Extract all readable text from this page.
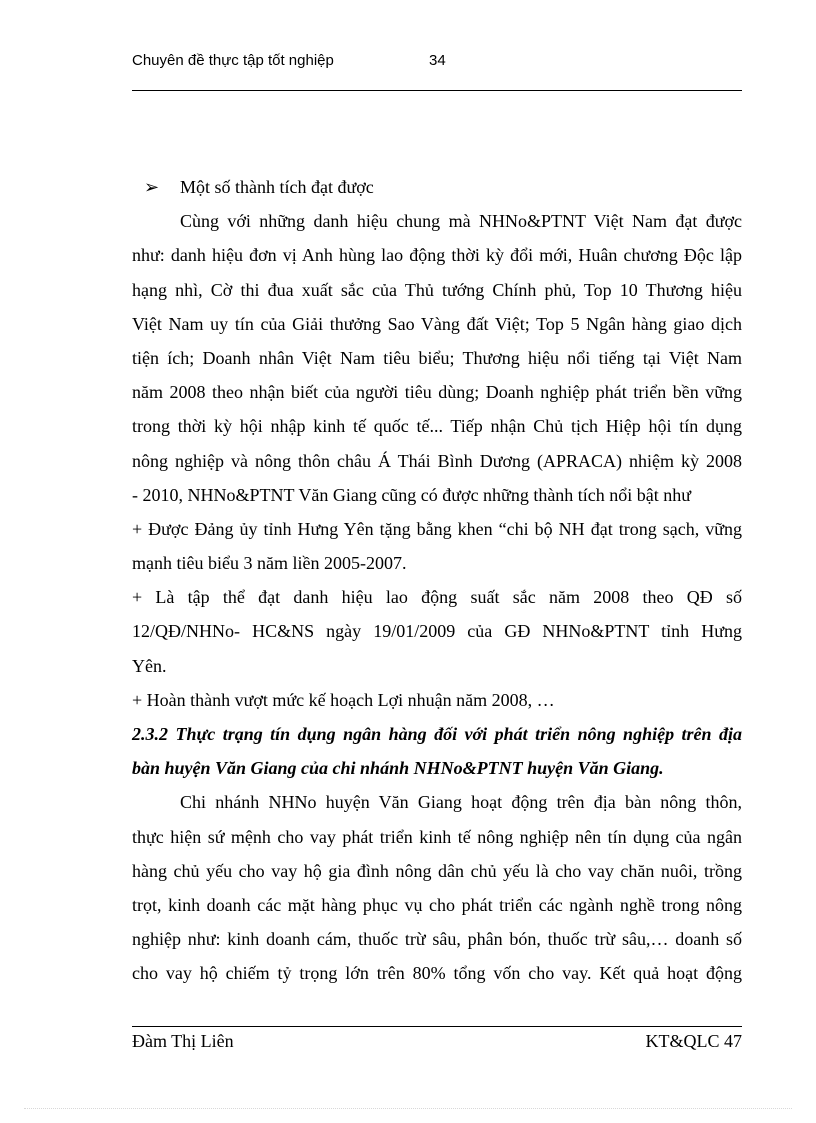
Chuyên đề thực tập tốt nghiệp	34
➢ Một số thành tích đạt được
Cùng với những danh hiệu chung mà NHNo&PTNT Việt Nam đạt được
như: danh hiệu đơn vị Anh hùng lao động thời kỳ đổi mới, Huân chương Độc lập
hạng nhì, Cờ thi đua xuất sắc của Thủ tướng Chính phủ, Top 10 Thương hiệu
Việt Nam uy tín của Giải thưởng Sao Vàng đất Việt; Top 5 Ngân hàng giao dịch
tiện ích; Doanh nhân Việt Nam tiêu biểu; Thương hiệu nổi tiếng tại Việt Nam
năm 2008 theo nhận biết của người tiêu dùng; Doanh nghiệp phát triển bền vững
trong thời kỳ hội nhập kinh tế quốc tế... Tiếp nhận Chủ tịch Hiệp hội tín dụng
nông nghiệp và nông thôn châu Á Thái Bình Dương (APRACA) nhiệm kỳ 2008
- 2010, NHNo&PTNT Văn Giang cũng có được những thành tích nổi bật như
+ Được Đảng ủy tỉnh Hưng Yên tặng bằng khen “chi bộ NH đạt trong sạch, vững
mạnh tiêu biểu 3 năm liền 2005-2007.
+ Là tập thể đạt danh hiệu lao động suất sắc năm 2008 theo QĐ số
12/QĐ/NHNo- HC&NS ngày 19/01/2009 của GĐ NHNo&PTNT tỉnh Hưng
Yên.
+ Hoàn thành vượt mức kế hoạch Lợi nhuận năm 2008, …
2.3.2 Thực trạng tín dụng ngân hàng đối với phát triển nông nghiệp trên địa
bàn huyện Văn Giang của chi nhánh NHNo&PTNT huyện Văn Giang.
Chi nhánh NHNo huyện Văn Giang hoạt động trên địa bàn nông thôn,
thực hiện sứ mệnh cho vay phát triển kinh tế nông nghiệp nên tín dụng của ngân
hàng chủ yếu cho vay hộ gia đình nông dân chủ yếu là cho vay chăn nuôi, trồng
trọt, kinh doanh các mặt hàng phục vụ cho phát triển các ngành nghề trong nông
nghiệp như: kinh doanh cám, thuốc trừ sâu, phân bón, thuốc trừ sâu,… doanh số
cho vay hộ chiếm tỷ trọng lớn trên 80% tổng vốn cho vay. Kết quả hoạt động
Đàm Thị Liên	KT&QLC 47
